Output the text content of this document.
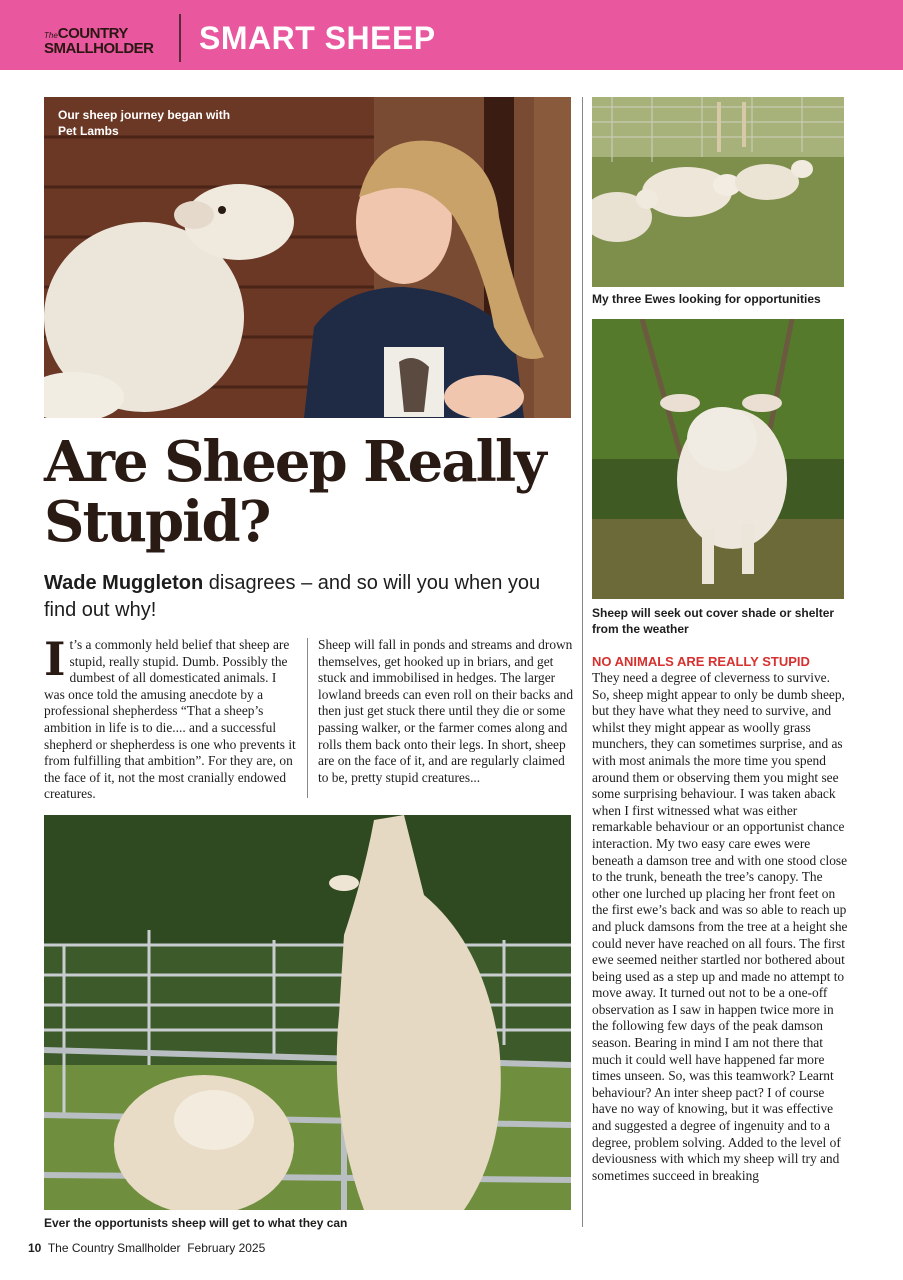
TheCOUNTRY
SMALLHOLDER SMART SHEEP
Our sheep journey began with Pet Lambs
My three Ewes looking for opportunities
Sheep will seek out cover shade or shelter from the weather
Are Sheep Really Stupid?
Wade Muggleton disagrees – and so will you when you find out why!
It’s a commonly held belief that sheep are stupid, really stupid. Dumb. Possibly the dumbest of all domesticated animals. I was once told the amusing anecdote by a professional shepherdess “That a sheep’s ambition in life is to die.... and a successful shepherd or shepherdess is one who prevents it from fulfilling that ambition”. For they are, on the face of it, not the most cranially endowed creatures.
Sheep will fall in ponds and streams and drown themselves, get hooked up in briars, and get stuck and immobilised in hedges. The larger lowland breeds can even roll on their backs and then just get stuck there until they die or some passing walker, or the farmer comes along and rolls them back onto their legs. In short, sheep are on the face of it, and are regularly claimed to be, pretty stupid creatures...
Ever the opportunists sheep will get to what they can
NO ANIMALS ARE REALLY STUPID
They need a degree of cleverness to survive. So, sheep might appear to only be dumb sheep, but they have what they need to survive, and whilst they might appear as woolly grass munchers, they can sometimes surprise, and as with most animals the more time you spend around them or observing them you might see some surprising behaviour. I was taken aback when I first witnessed what was either remarkable behaviour or an opportunist chance interaction. My two easy care ewes were beneath a damson tree and with one stood close to the trunk, beneath the tree’s canopy. The other one lurched up placing her front feet on the first ewe’s back and was so able to reach up and pluck damsons from the tree at a height she could never have reached on all fours. The first ewe seemed neither startled nor bothered about being used as a step up and made no attempt to move away. It turned out not to be a one-off observation as I saw in happen twice more in the following few days of the peak damson season. Bearing in mind I am not there that much it could well have happened far more times unseen. So, was this teamwork? Learnt behaviour? An inter sheep pact? I of course have no way of knowing, but it was effective and suggested a degree of ingenuity and to a degree, problem solving. Added to the level of deviousness with which my sheep will try and sometimes succeed in breaking
10 The Country Smallholder February 2025
